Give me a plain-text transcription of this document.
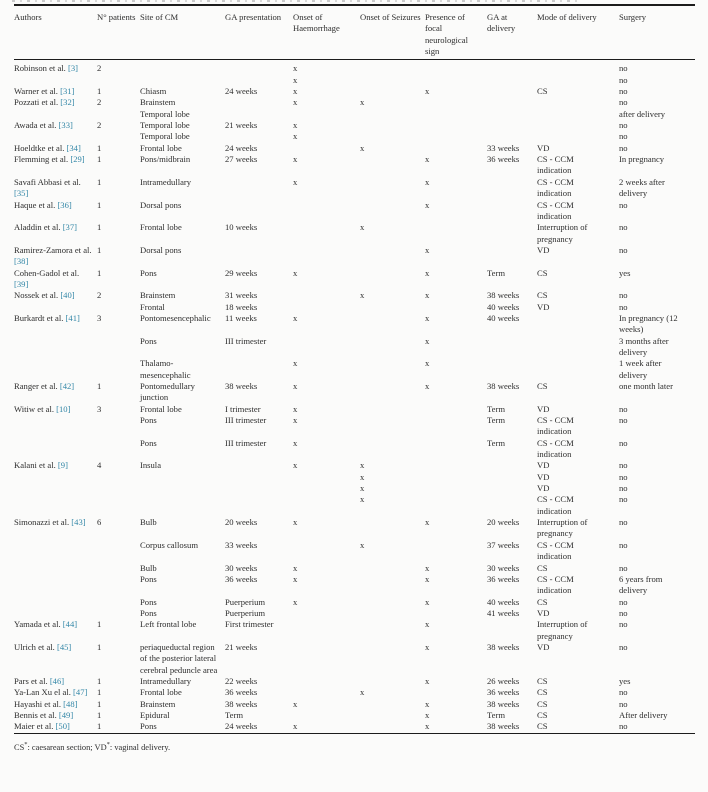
Authors	N° patients	Site of CM	GA presentation	Onset of Haemorrhage	Onset of Seizures	Presence of focal neurological sign	GA at delivery	Mode of delivery	Surgery

Robinson et al. [3]	2			x					no

				x					no

Warner et al. [31]	1	Chiasm	24 weeks	x		x		CS	no

Pozzati et al. [32]	2	Brainstem		x	x				no

		Temporal lobe							after delivery

Awada et al. [33]	2	Temporal lobe	21 weeks	x					no

		Temporal lobe		x					no

Hoeldtke et al. [34]	1	Frontal lobe	24 weeks		x		33 weeks	VD	no

Flemming et al. [29]	1	Pons/midbrain	27 weeks	x		x	36 weeks	CS - CCM indication	In pregnancy

Savafi Abbasi et al. [35]	1	Intramedullary		x		x		CS - CCM indication	2 weeks after delivery

Haque et al. [36]	1	Dorsal pons				x		CS - CCM indication	no

Aladdin et al. [37]	1	Frontal lobe	10 weeks		x			Interruption of pregnancy	no

Ramirez-Zamora et al. [38]	1	Dorsal pons				x		VD	no

Cohen-Gadol et al. [39]	1	Pons	29 weeks	x		x	Term	CS	yes

Nossek et al. [40]	2	Brainstem	31 weeks		x	x	38 weeks	CS	no

		Frontal	18 weeks				40 weeks	VD	no

Burkardt et al. [41]	3	Pontomesencephalic	11 weeks	x		x	40 weeks		In pregnancy (12 weeks)

		Pons	III trimester			x			3 months after delivery

		Thalamo-mesencephalic		x		x			1 week after delivery

Ranger et al. [42]	1	Pontomedullary junction	38 weeks	x		x	38 weeks	CS	one month later

Witiw et al. [10]	3	Frontal lobe	I trimester	x			Term	VD	no

		Pons	III trimester	x			Term	CS - CCM indication	no

		Pons	III trimester	x			Term	CS - CCM indication	no

Kalani et al. [9]	4	Insula		x	x			VD	no

					x			VD	no

					x			VD	no

					x			CS - CCM indication	no

Simonazzi et al. [43]	6	Bulb	20 weeks	x		x	20 weeks	Interruption of pregnancy	no

		Corpus callosum	33 weeks		x		37 weeks	CS - CCM indication	no

		Bulb	30 weeks	x		x	30 weeks	CS	no

		Pons	36 weeks	x		x	36 weeks	CS - CCM indication	6 years from delivery

		Pons	Puerperium	x		x	40 weeks	CS	no

		Pons	Puerperium				41 weeks	VD	no

Yamada et al. [44]	1	Left frontal lobe	First trimester			x		Interruption of pregnancy	no

Ulrich et al. [45]	1	periaqueductal region of the posterior lateral cerebral peduncle area	21 weeks			x	38 weeks	VD	no

Pars et al. [46]	1	Intramedullary	22 weeks			x	26 weeks	CS	yes

Ya-Lan Xu el al. [47]	1	Frontal lobe	36 weeks		x		36 weeks	CS	no

Hayashi et al. [48]	1	Brainstem	38 weeks	x		x	38 weeks	CS	no

Bennis et al. [49]	1	Epidural	Term			x	Term	CS	After delivery

Maier et al. [50]	1	Pons	24 weeks	x		x	38 weeks	CS	no
CS*: caesarean section; VD*: vaginal delivery.
